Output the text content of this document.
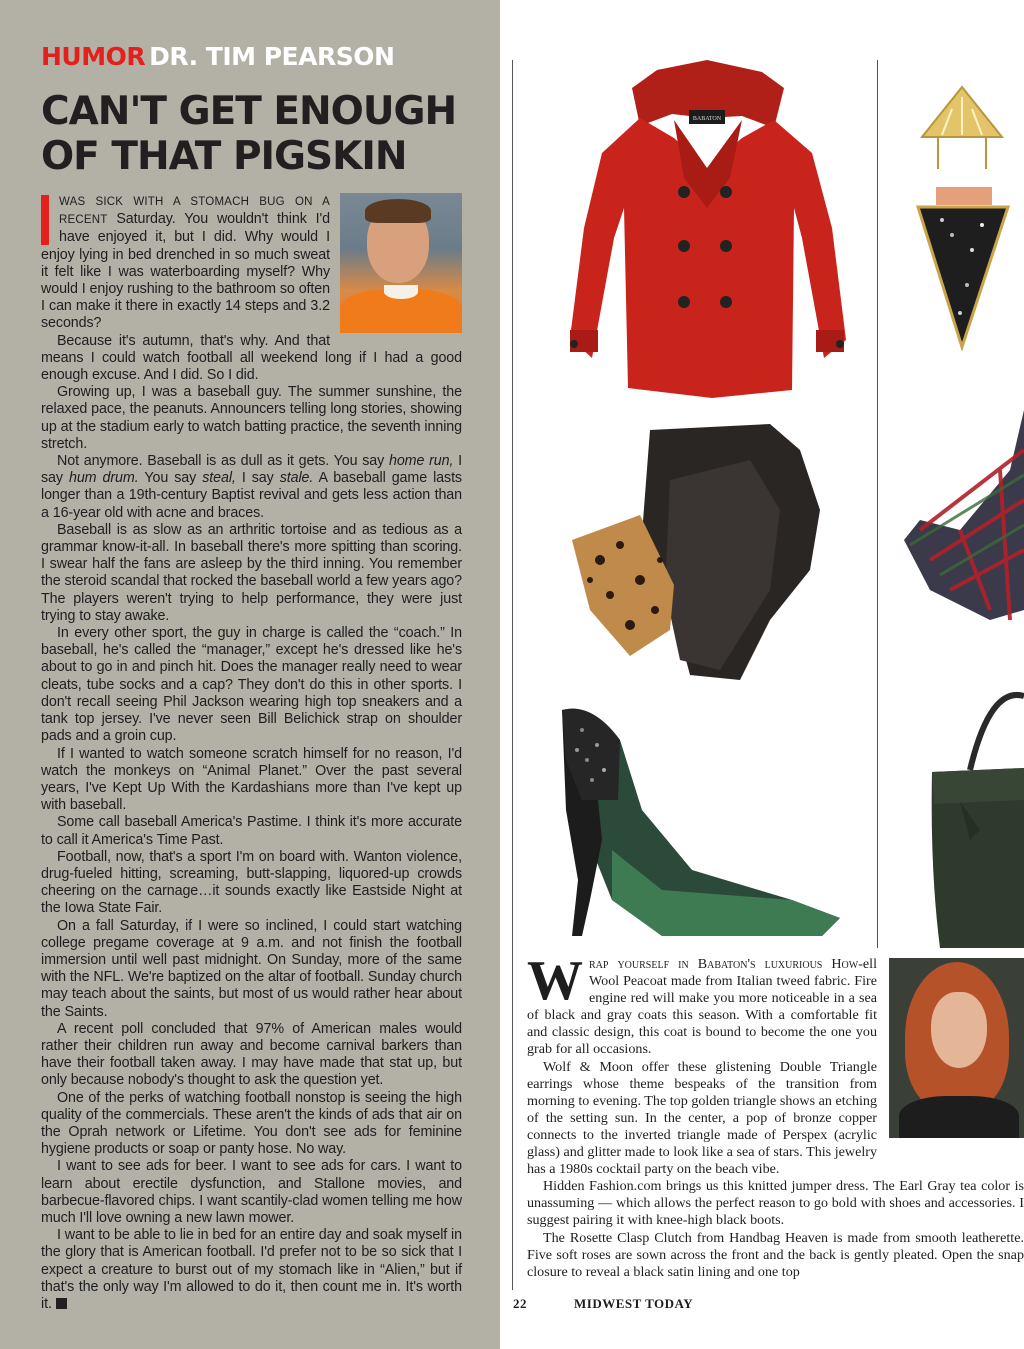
HUMOR DR. TIM PEARSON
CAN'T GET ENOUGH
OF THAT PIGSKIN

WAS SICK WITH A STOMACH BUG ON A RECENT Saturday. You wouldn't think I'd have enjoyed it, but I did. Why would I enjoy lying in bed drenched in so much sweat it felt like I was waterboarding myself? Why would I enjoy rushing to the bathroom so often I can make it there in exactly 14 steps and 3.2 seconds?

Because it's autumn, that's why. And that means I could watch football all weekend long if I had a good enough excuse. And I did. So I did.

Growing up, I was a baseball guy. The summer sunshine, the relaxed pace, the peanuts. Announcers telling long stories, showing up at the stadium early to watch batting practice, the seventh inning stretch.

Not anymore. Baseball is as dull as it gets. You say home run, I say hum drum. You say steal, I say stale. A baseball game lasts longer than a 19th-century Baptist revival and gets less action than a 16-year old with acne and braces.

Baseball is as slow as an arthritic tortoise and as tedious as a grammar know-it-all. In baseball there's more spitting than scoring. I swear half the fans are asleep by the third inning. You remember the steroid scandal that rocked the baseball world a few years ago? The players weren't trying to help performance, they were just trying to stay awake.

In every other sport, the guy in charge is called the “coach.” In baseball, he's called the “manager,” except he's dressed like he's about to go in and pinch hit. Does the manager really need to wear cleats, tube socks and a cap? They don't do this in other sports. I don't recall seeing Phil Jackson wearing high top sneakers and a tank top jersey. I've never seen Bill Belichick strap on shoulder pads and a groin cup.

If I wanted to watch someone scratch himself for no reason, I'd watch the monkeys on “Animal Planet.” Over the past several years, I've Kept Up With the Kardashians more than I've kept up with baseball.

Some call baseball America's Pastime. I think it's more accurate to call it America's Time Past.

Football, now, that's a sport I'm on board with. Wanton violence, drug-fueled hitting, screaming, butt-slapping, liquored-up crowds cheering on the carnage…it sounds exactly like Eastside Night at the Iowa State Fair.

On a fall Saturday, if I were so inclined, I could start watching college pregame coverage at 9 a.m. and not finish the football immersion until well past midnight. On Sunday, more of the same with the NFL. We're baptized on the altar of football. Sunday church may teach about the saints, but most of us would rather hear about the Saints.

A recent poll concluded that 97% of American males would rather their children run away and become carnival barkers than have their football taken away. I may have made that stat up, but only because nobody's thought to ask the question yet.

One of the perks of watching football nonstop is seeing the high quality of the commercials. These aren't the kinds of ads that air on the Oprah network or Lifetime. You don't see ads for feminine hygiene products or soap or panty hose. No way.

I want to see ads for beer. I want to see ads for cars. I want to learn about erectile dysfunction, and Stallone movies, and barbecue-flavored chips. I want scantily-clad women telling me how much I'll love owning a new lawn mower.

I want to be able to lie in bed for an entire day and soak myself in the glory that is American football. I'd prefer not to be so sick that I expect a creature to burst out of my stomach like in “Alien,” but if that's the only way I'm allowed to do it, then count me in. It's worth it.

BABATON

Wrap yourself in Babaton's luxurious How-ell Wool Peacoat made from Italian tweed fabric. Fire engine red will make you more noticeable in a sea of black and gray coats this season. With a comfortable fit and classic design, this coat is bound to become the one you grab for all occasions.

Wolf & Moon offer these glistening Double Triangle earrings whose theme bespeaks of the transition from morning to evening. The top golden triangle shows an etching of the setting sun. In the center, a pop of bronze copper connects to the inverted triangle made of Perspex (acrylic glass) and glitter made to look like a sea of stars. This jewelry has a 1980s cocktail party on the beach vibe.

Hidden Fashion.com brings us this knitted jumper dress. The Earl Gray tea color is unassuming — which allows the perfect reason to go bold with shoes and accessories. I suggest pairing it with knee-high black boots.

The Rosette Clasp Clutch from Handbag Heaven is made from smooth leatherette. Five soft roses are sown across the front and the back is gently pleated. Open the snap closure to reveal a black satin lining and one top

22	MIDWEST TODAY
